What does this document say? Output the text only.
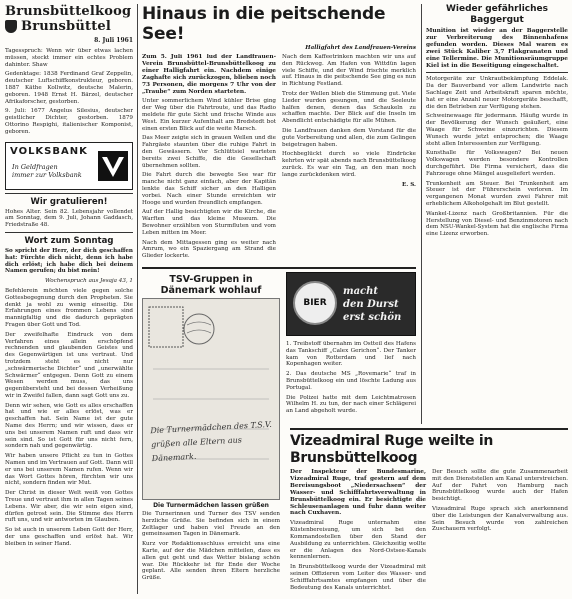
Brunsbüttelkoog
Brunsbüttel
8. Juli 1961

Tagesspruch: Wenn wir über etwas lachen müssen, steckt immer ein echtes Problem dahinter. Shaw

Gedenktage: 1838 Ferdinand Graf Zeppelin, deutscher Luftschiffkonstrukteur, geboren. 1887 Käthe Kollwitz, deutsche Malerin, geboren. 1948 Ernst H. Bärzel, deutscher Afrikaforscher, gestorben.

9. Juli: 1677 Angelus Silesius, deutscher geistlicher Dichter, gestorben. 1879 Ottorino Respighi, italienischer Komponist, geboren.

VOLKSBANK
In Geldfragen
immer zur Volksbank
Wir gratulieren!

Hohes Alter. Sein 82. Lebensjahr vollendet am Sonntag, dem 9. Juli, Johann Gaddasch, Friedstraße 48.

Wort zum Sonntag

So spricht der Herr, der dich geschaffen hat: Fürchte dich nicht, denn ich habe dich erlöst; ich habe dich bei deinem Namen gerufen; du bist mein!

Wochenspruch aus Jesaja 43, 1

Befehlerein möchten viele gegen solche Gottesbegegnung durch den Propheten. Sie denkt ja wohl zu wenig einseitig. Die Erfahrungen eines frommen Lebens sind mannigfaltig und die dadurch geprägten Fragen über Gott und Tod.

Der zweifelhafte Eindruck von dem Verfahren eines allein erschöpfend rechnenden und glaubenden Geistes und des Gegenwärtigen ist uns vertraut. Und trotzdem steht es nicht nur „schwärmerische Dichter“ und „unerwählte Schwärmer“ entgegen. Denn Gott zu einem Wesen werden muss, das uns gegenübersteht und bei dessen Verheißung wir in Zweifel fallen, dann sagt Gott uns zu.

Denn wir sehen, wie Gott es alles erschaffen hat und wie er alles erlöst, was er geschaffen hat. Sein Name ist der gute Name des Herrn; und wir wissen, dass er uns bei unserem Namen ruft und dass wir sein sind. So ist Gott für uns nicht fern, sondern nah und gegenwärtig.

Wir haben unsere Pflicht zu tun in Gottes Namen und im Vertrauen auf Gott. Dann will er uns bei unserem Namen rufen. Wenn wir das Wort Gottes hören, fürchten wir uns nicht, sondern finden wir Mut.

Der Christ in dieser Welt weiß von Gottes Treue und vertraut ihm in allen Tagen seines Lebens. Wir aber, die wir sein eigen sind, dürfen getrost sein. Die Stimme des Herrn ruft uns, und wir antworten im Glauben.

So ist auch in unserem Leben Gott der Herr, der uns geschaffen und erlöst hat. Wir bleiben in seiner Hand.

Hinaus in die peitschende See!
Halligfahrt des Landfrauen-Vereins

Zum 5. Juli 1961 lud der Landfrauen-Verein Brunsbüttel-Brunsbüttelkoog zu einer Halligfahrt ein. Nachdem einige Zaghafte sich zurückzogen, blieben noch 73 Personen, die morgens 7 Uhr von der „Traube“ zum Norden starteten.

Unter sommerlichem Wind kühler Brise ging der Weg über die Fahrtroute, und das Radio meldete für gute Sicht und frische Winde aus West. Ein kurzer Aufenthalt am Bredstedt bot einen ersten Blick auf die weite Marsch.

Das Meer zeigte sich in grauen Wellen und die Fahrgäste staunten über die ruhige Fahrt in den Gewässern. Vor Schlüttsiel warteten bereits zwei Schiffe, die die Gesellschaft übernehmen sollten.

Die Fahrt durch die bewegte See war für manche nicht ganz einfach, aber der Kapitän lenkte das Schiff sicher an den Halligen vorbei. Nach einer Stunde erreichten wir Hooge und wurden freundlich empfangen.

Auf der Hallig besichtigten wir die Kirche, die Warften und das kleine Museum. Die Bewohner erzählten von Sturmfluten und vom Leben mitten im Meer.

Nach dem Mittagessen ging es weiter nach Amrum, wo ein Spaziergang am Strand die Glieder lockerte.

Nach dem Kaffeetrinken machten wir uns auf den Rückweg. Am Hafen von Wittdün lagen viele Schiffe, und der Wind frischte merklich auf. Hinaus in die peitschende See ging es nun in Richtung Festland.

Trotz der Wellen blieb die Stimmung gut. Viele Lieder wurden gesungen, und die Seeleute halfen denen, denen das Schaukeln zu schaffen machte. Der Blick auf die Inseln im Abendlicht entschädigte für alle Mühen.

Die Landfrauen danken dem Vorstand für die gute Vorbereitung und allen, die zum Gelingen beigetragen haben.

Hochbeglückt durch so viele Eindrücke kehrten wir spät abends nach Brunsbüttelkoog zurück. Es war ein Tag, an den man noch lange zurückdenken wird.

E. S.
TSV-Gruppen in Dänemark wohlauf
Die Turnermädchen des T.S.V. grüßen alle Eltern aus Dänemark.
Die Turnermädchen lassen grüßen

Die Turnerinnen und Turner des TSV senden herzliche Grüße. Sie befinden sich in einem Zeltlager und haben viel Freude an den gemeinsamen Tagen in Dänemark.

Kurz vor Redaktionsschluss erreicht uns eine Karte, auf der die Mädchen mitteilen, dass es allen gut geht und das Wetter bislang schön war. Die Rückkehr ist für Ende der Woche geplant. Alle senden ihren Eltern herzliche Grüße.

BIER
macht
den Durst
erst schön

1. Treibstoff übernahm im Ostteil des Hafens das Tankschiff „Calex Gerichon“. Der Tanker kam von Rotterdam und lief nach Kopenhagen weiter.

2. Das deutsche MS „Rovemarie“ traf in Brunsbüttelkoog ein und löschte Ladung aus Portugal.

Die Polizei hatte mit dem Leichtmatrosen Wilhelm H. zu tun, der nach einer Schlägerei an Land abgeholt wurde.

Wieder gefährliches Baggergut

Munition ist wieder an der Baggerstelle zur Verbreiterung des Binnenhafens gefunden worden. Dieses Mal waren es zwei Stück Kaliber 3,7 Flakgranaten und eine Tellermine. Die Munitionsräumgruppe Kiel ist in die Beseitigung eingeschaltet.

Motorgeräte zur Unkrautbekämpfung Eddelak. Da der Bauverband vor allem Landwirte nach Sachlage Zeit und Arbeitskraft sparen möchte, hat er eine Anzahl neuer Motorgeräte beschafft, die den Betrieben zur Verfügung stehen.

Schweinewaage für jedermann. Häufig wurde in der Bevölkerung der Wunsch geäußert, eine Waage für Schweine einzurichten. Diesem Wunsch wurde jetzt entsprochen; die Waage steht allen Interessenten zur Verfügung.

Kunsthalle für Volkswagen? Bei neuen Volkswagen werden besondere Kontrollen durchgeführt. Die Firma versichert, dass die Fahrzeuge ohne Mängel ausgeliefert werden.

Trunkenheit am Steuer. Bei Trunkenheit am Steuer ist der Führerschein verloren. Im vergangenen Monat wurden zwei Fahrer mit erheblichem Alkoholgehalt im Blut gestellt.

Wankel-Lizenz nach Großbritannien. Für die Herstellung von Diesel- und Benzinmotoren nach dem NSU-Wankel-System hat die englische Firma eine Lizenz erworben.

Vizeadmiral Ruge weilte in Brunsbüttelkoog

Der Inspekteur der Bundesmarine, Vizeadmiral Ruge, traf gestern auf dem Bereisungsboot „Niedersachsen“ der Wasser- und Schifffahrtsverwaltung in Brunsbüttelkoog ein. Er besichtigte die Schleusenanlagen und fuhr dann weiter nach Cuxhaven.

Vizeadmiral Ruge unternahm eine Küstenbereisung, um sich bei den Kommandostellen über den Stand der Ausbildung zu unterrichten. Gleichzeitig wollte er die Anlagen des Nord-Ostsee-Kanals kennenlernen.

In Brunsbüttelkoog wurde der Vizeadmiral mit seinen Offizieren vom Leiter des Wasser- und Schifffahrtsamtes empfangen und über die Bedeutung des Kanals unterrichtet.

Der Besuch sollte die gute Zusammenarbeit mit den Dienststellen am Kanal unterstreichen. Auf der Fahrt von Hamburg nach Brunsbüttelkoog wurde auch der Hafen besichtigt.

Vizeadmiral Ruge sprach sich anerkennend über die Leistungen der Kanalverwaltung aus. Sein Besuch wurde von zahlreichen Zuschauern verfolgt.
